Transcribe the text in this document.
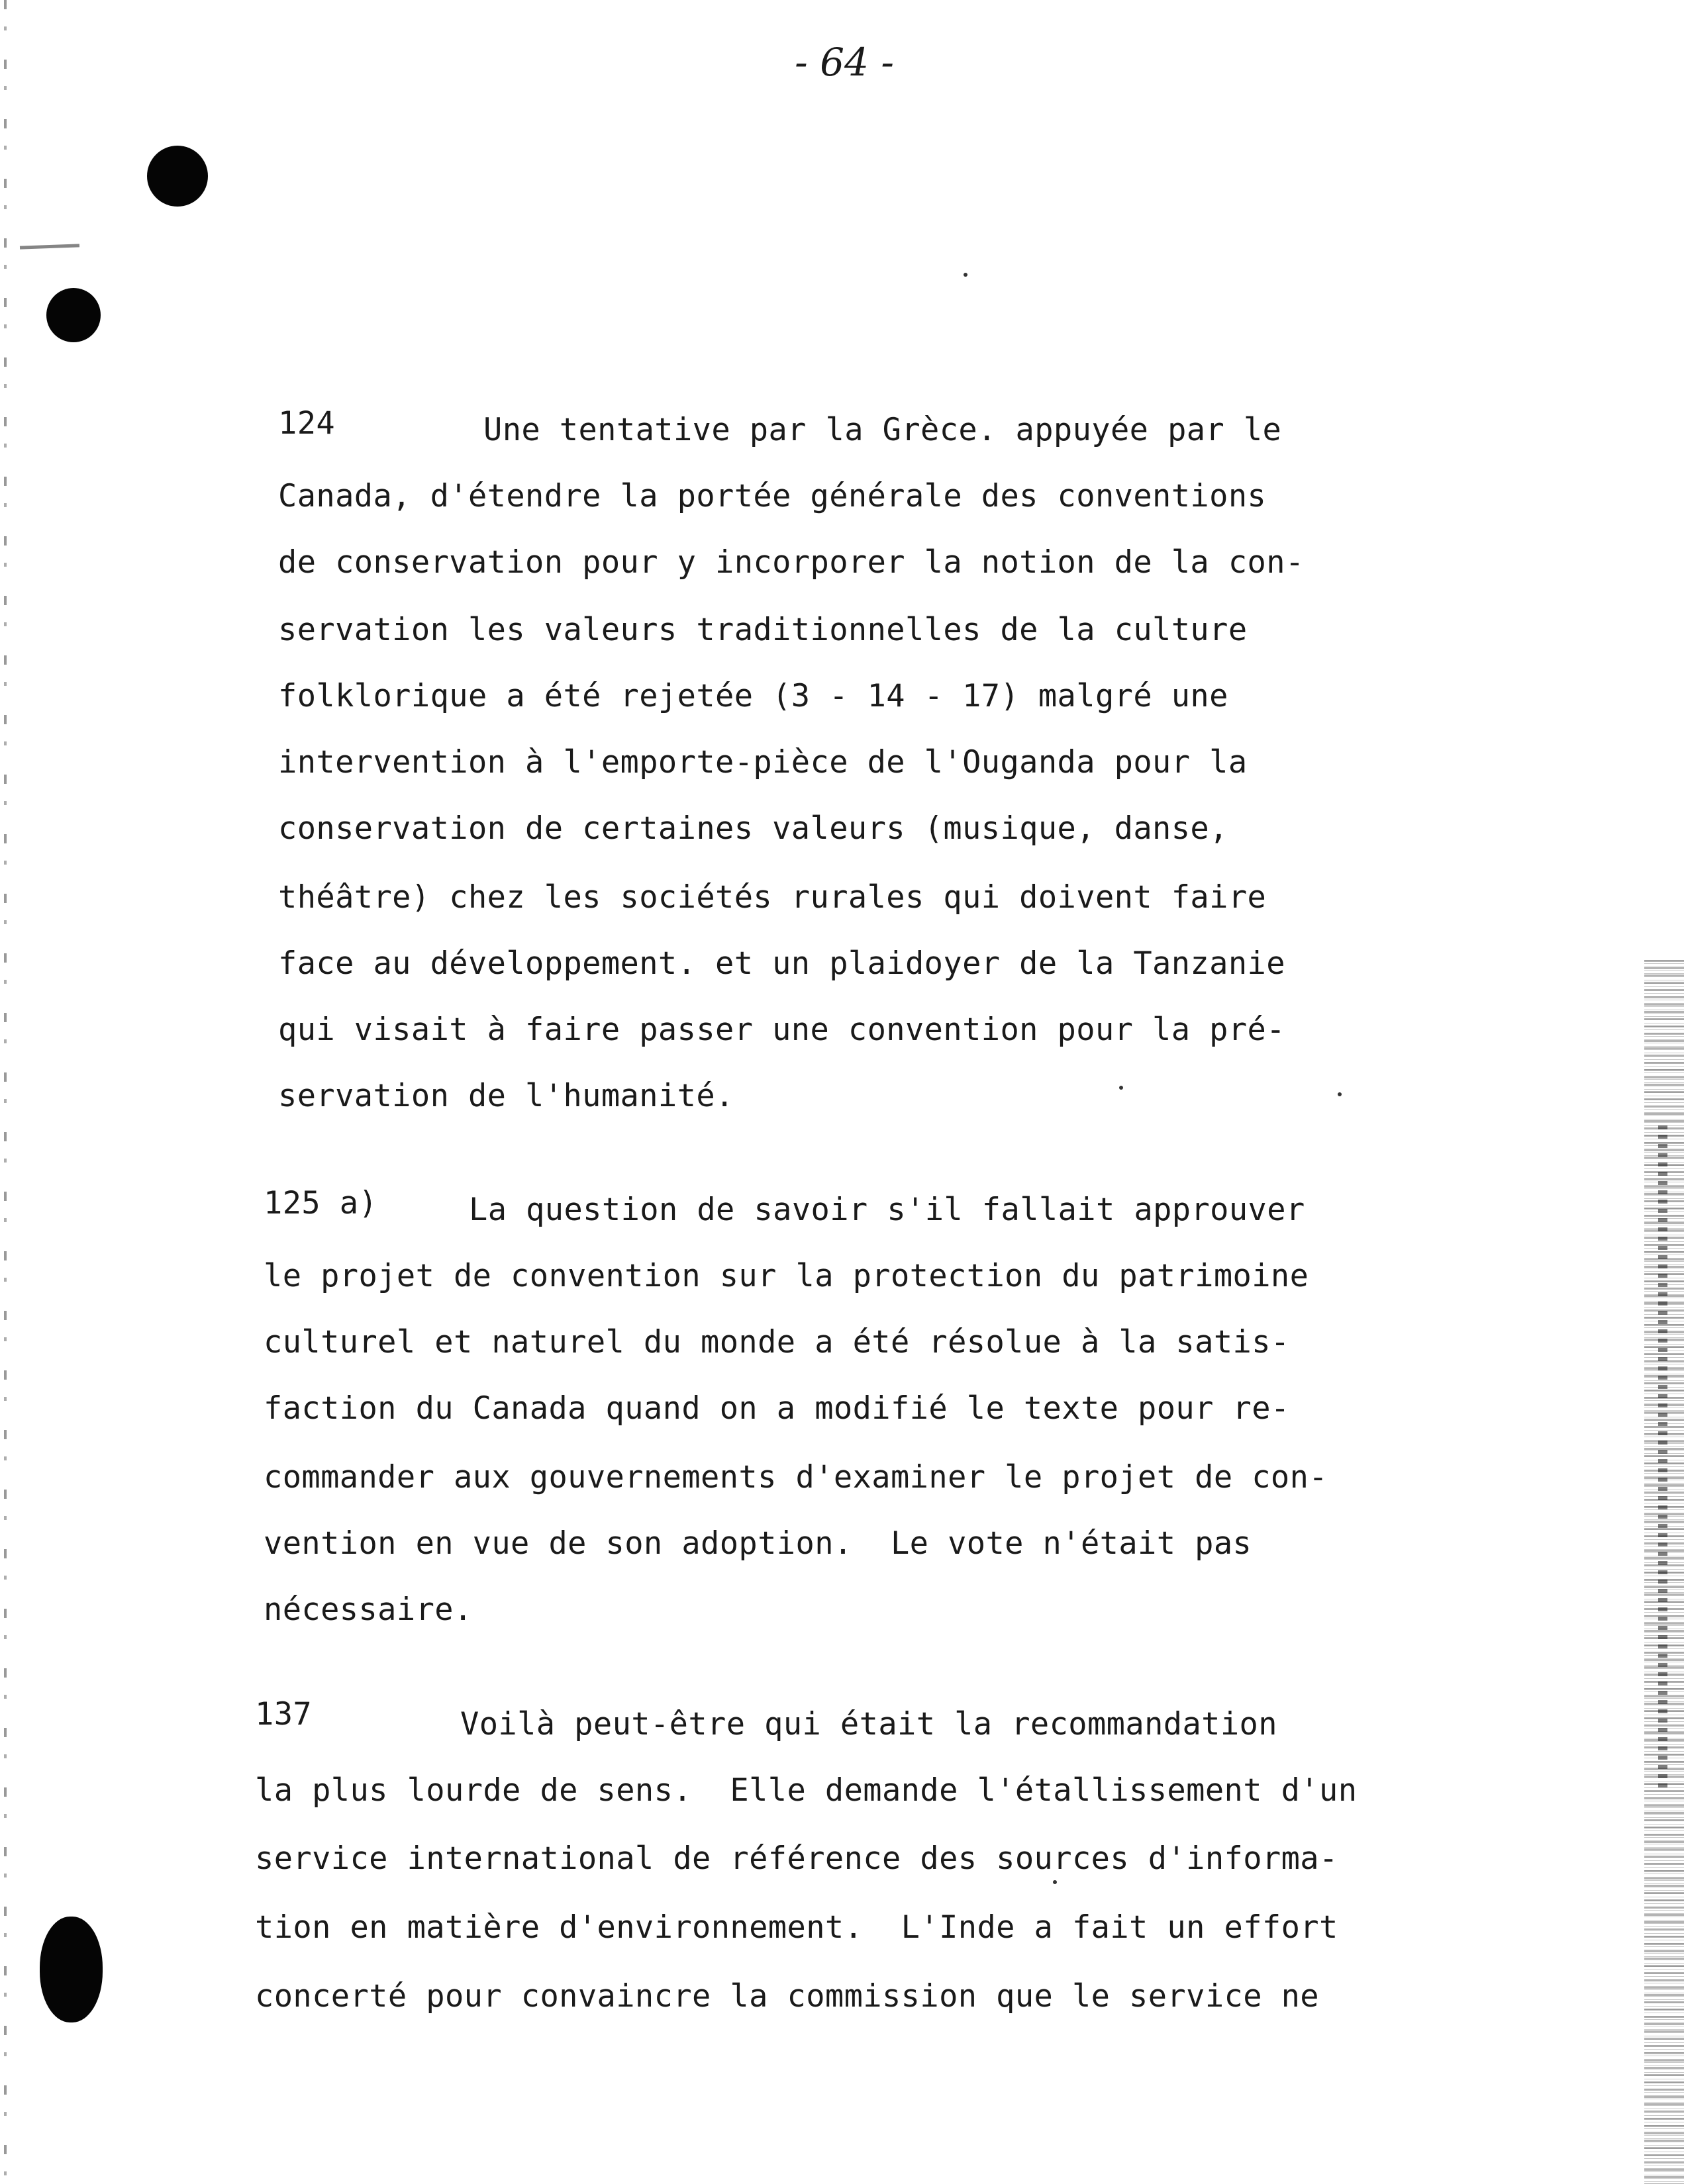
- 64 -
124	Une tentative par la Grèce. appuyée par le
Canada, d'étendre la portée générale des conventions
de conservation pour y incorporer la notion de la con-
servation les valeurs traditionnelles de la culture
folklorique a été rejetée (3 - 14 - 17) malgré une
intervention à l'emporte-pièce de l'Ouganda pour la
conservation de certaines valeurs (musique, danse,
théâtre) chez les sociétés rurales qui doivent faire
face au développement. et un plaidoyer de la Tanzanie
qui visait à faire passer une convention pour la pré-
servation de l'humanité.
125 a)	La question de savoir s'il fallait approuver
le projet de convention sur la protection du patrimoine
culturel et naturel du monde a été résolue à la satis-
faction du Canada quand on a modifié le texte pour re-
commander aux gouvernements d'examiner le projet de con-
vention en vue de son adoption.  Le vote n'était pas
nécessaire.
137	Voilà peut-être qui était la recommandation
la plus lourde de sens.  Elle demande l'étallissement d'un
service international de référence des sources d'informa-
tion en matière d'environnement.  L'Inde a fait un effort
concerté pour convaincre la commission que le service ne
